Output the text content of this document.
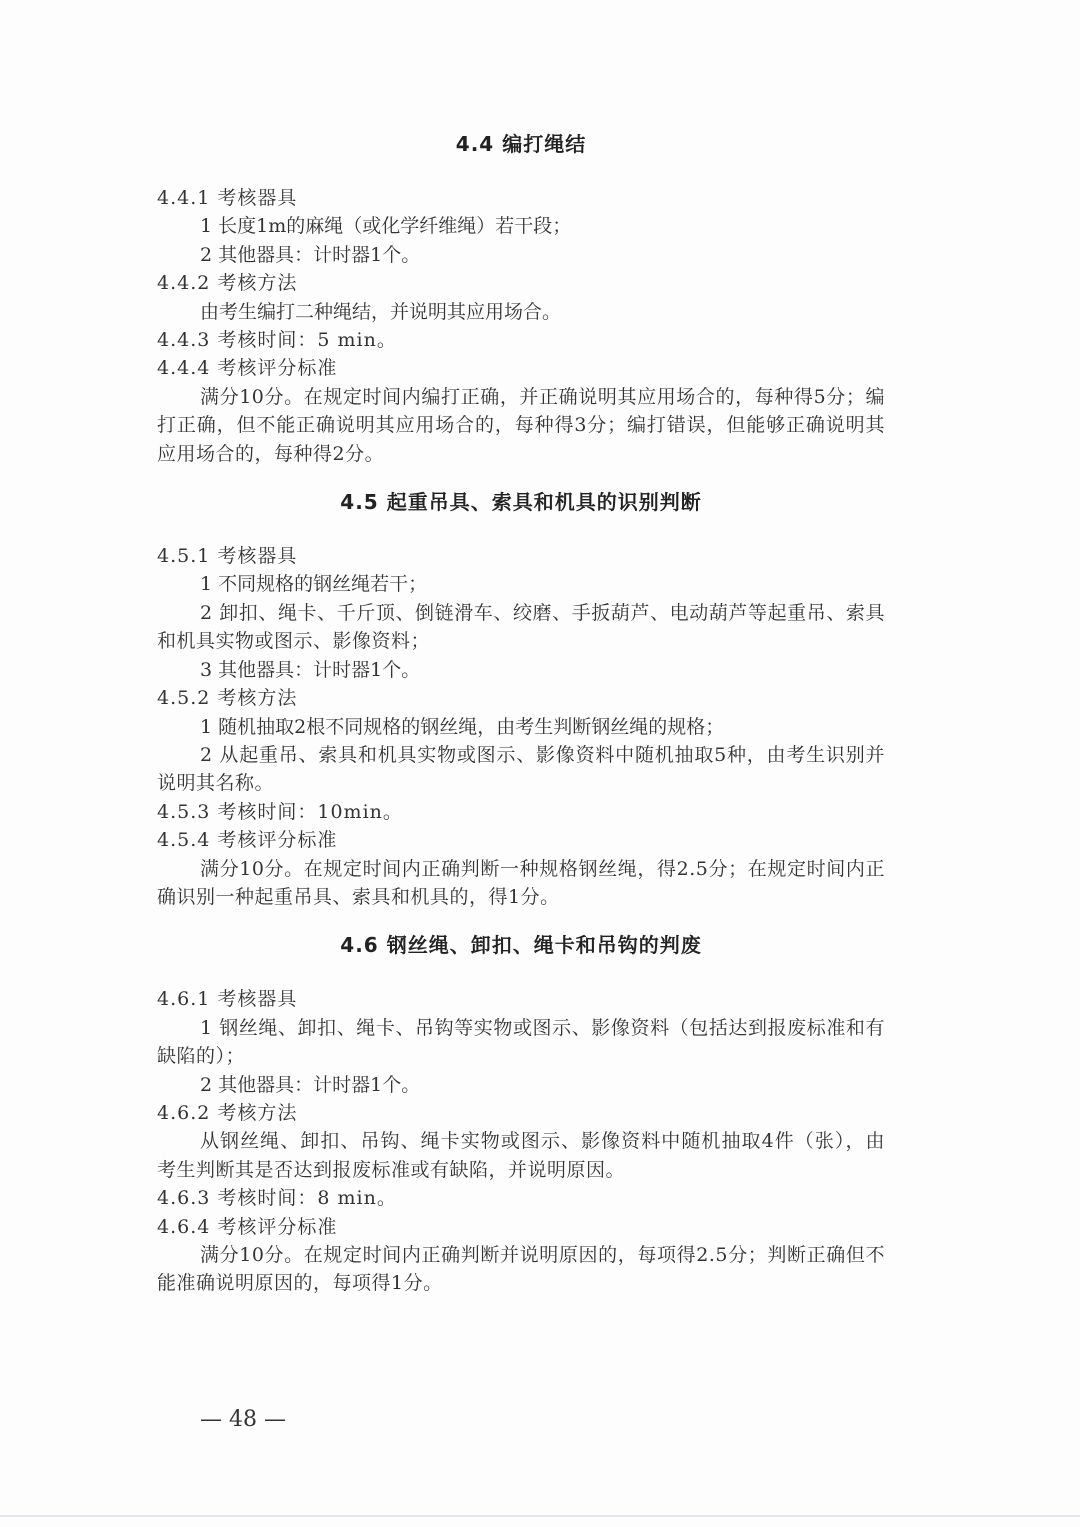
4.4 编打绳结
4.4.1 考核器具
1 长度1m的麻绳（或化学纤维绳）若干段；
2 其他器具：计时器1个。
4.4.2 考核方法
由考生编打二种绳结，并说明其应用场合。
4.4.3 考核时间：5 min。
4.4.4 考核评分标准
满分10分。在规定时间内编打正确，并正确说明其应用场合的，每种得5分；编打正确，但不能正确说明其应用场合的，每种得3分；编打错误，但能够正确说明其应用场合的，每种得2分。
4.5 起重吊具、索具和机具的识别判断
4.5.1 考核器具
1 不同规格的钢丝绳若干；
2 卸扣、绳卡、千斤顶、倒链滑车、绞磨、手扳葫芦、电动葫芦等起重吊、索具和机具实物或图示、影像资料；
3 其他器具：计时器1个。
4.5.2 考核方法
1 随机抽取2根不同规格的钢丝绳，由考生判断钢丝绳的规格；
2 从起重吊、索具和机具实物或图示、影像资料中随机抽取5种，由考生识别并说明其名称。
4.5.3 考核时间：10min。
4.5.4 考核评分标准
满分10分。在规定时间内正确判断一种规格钢丝绳，得2.5分；在规定时间内正确识别一种起重吊具、索具和机具的，得1分。
4.6 钢丝绳、卸扣、绳卡和吊钩的判废
4.6.1 考核器具
1 钢丝绳、卸扣、绳卡、吊钩等实物或图示、影像资料（包括达到报废标准和有缺陷的）；
2 其他器具：计时器1个。
4.6.2 考核方法
从钢丝绳、卸扣、吊钩、绳卡实物或图示、影像资料中随机抽取4件（张），由考生判断其是否达到报废标准或有缺陷，并说明原因。
4.6.3 考核时间：8 min。
4.6.4 考核评分标准
满分10分。在规定时间内正确判断并说明原因的，每项得2.5分；判断正确但不能准确说明原因的，每项得1分。
— 48 —
